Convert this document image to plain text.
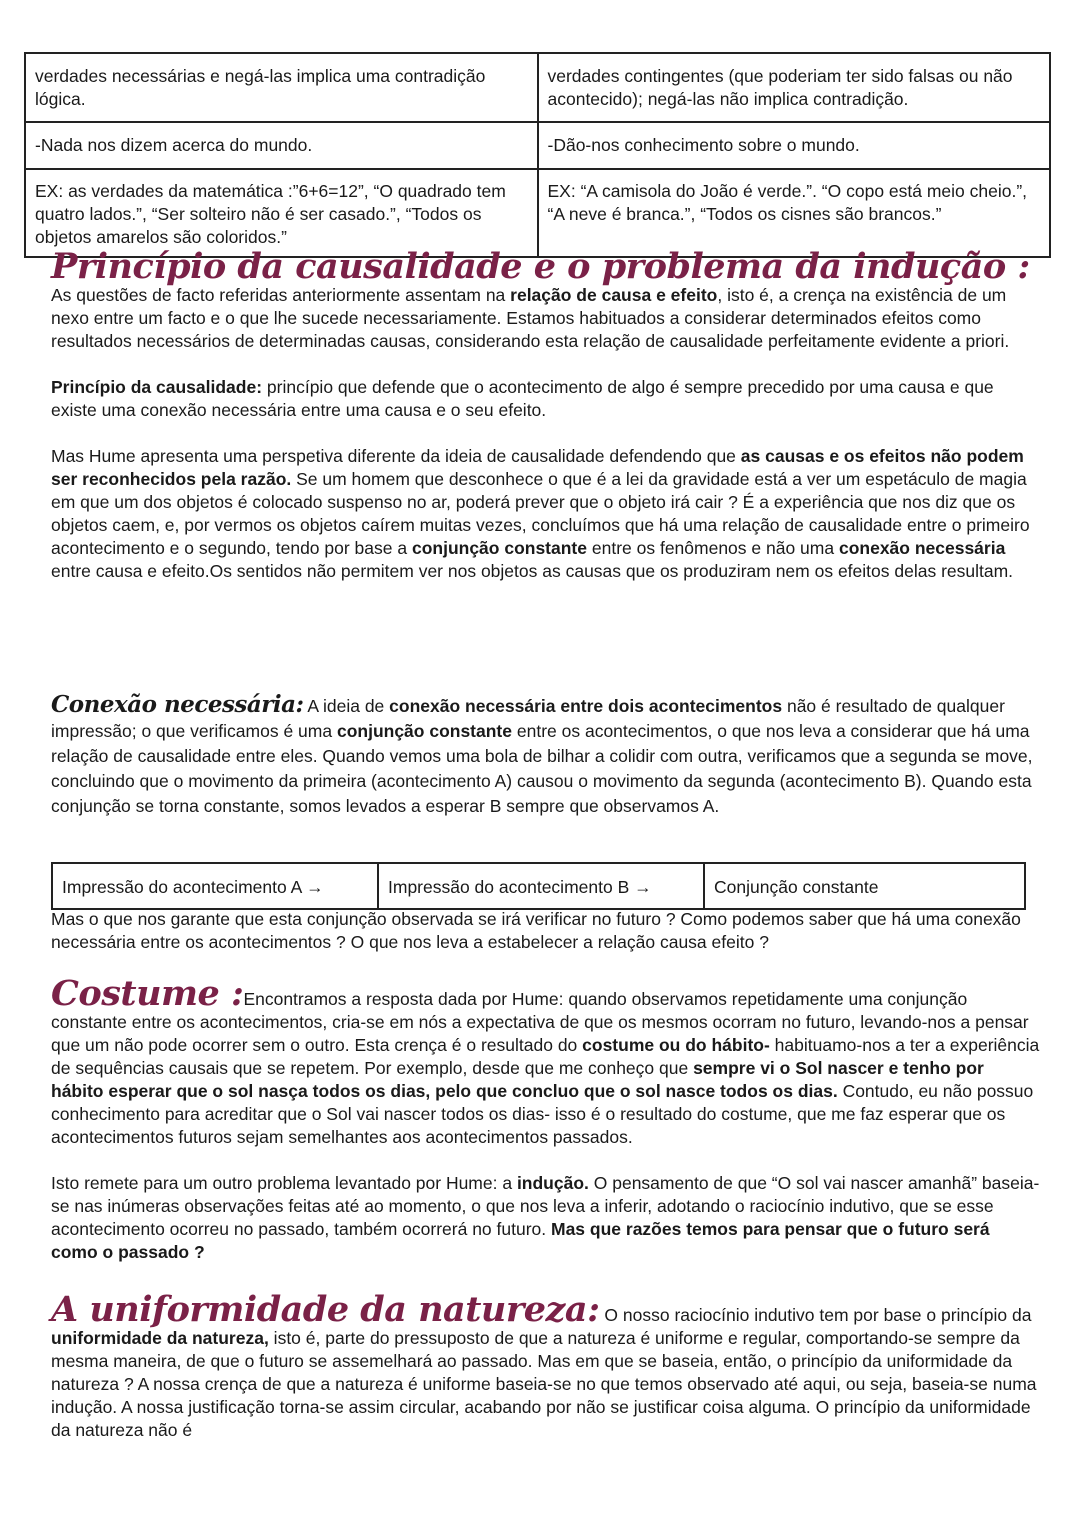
verdades necessárias e negá-las implica uma contradição lógica.	verdades contingentes (que poderiam ter sido falsas ou não acontecido); negá-las não implica contradição.
-Nada nos dizem acerca do mundo.	-Dão-nos conhecimento sobre o mundo.
EX: as verdades da matemática :”6+6=12”, “O quadrado tem quatro lados.”, “Ser solteiro não é ser casado.”, “Todos os objetos amarelos são coloridos.”	EX: “A camisola do João é verde.”. “O copo está meio cheio.”, “A neve é branca.”, “Todos os cisnes são brancos.”

Princípio da causalidade e o problema da indução : As questões de facto referidas anteriormente assentam na relação de causa e efeito, isto é, a crença na existência de um nexo entre um facto e o que lhe sucede necessariamente. Estamos habituados a considerar determinados efeitos como resultados necessários de determinadas causas, considerando esta relação de causalidade perfeitamente evidente a priori.

Princípio da causalidade: princípio que defende que o acontecimento de algo é sempre precedido por uma causa e que existe uma conexão necessária entre uma causa e o seu efeito.

Mas Hume apresenta uma perspetiva diferente da ideia de causalidade defendendo que as causas e os efeitos não podem ser reconhecidos pela razão. Se um homem que desconhece o que é a lei da gravidade está a ver um espetáculo de magia em que um dos objetos é colocado suspenso no ar, poderá prever que o objeto irá cair ? É a experiência que nos diz que os objetos caem, e, por vermos os objetos caírem muitas vezes, concluímos que há uma relação de causalidade entre o primeiro acontecimento e o segundo, tendo por base a conjunção constante entre os fenômenos e não uma conexão necessária entre causa e efeito.Os sentidos não permitem ver nos objetos as causas que os produziram nem os efeitos delas resultam.

Conexão necessária: A ideia de conexão necessária entre dois acontecimentos não é resultado de qualquer impressão; o que verificamos é uma conjunção constante entre os acontecimentos, o que nos leva a considerar que há uma relação de causalidade entre eles. Quando vemos uma bola de bilhar a colidir com outra, verificamos que a segunda se move, concluindo que o movimento da primeira (acontecimento A) causou o movimento da segunda (acontecimento B). Quando esta conjunção se torna constante, somos levados a esperar B sempre que observamos A.

Impressão do acontecimento A →	Impressão do acontecimento B →	Conjunção constante

Mas o que nos garante que esta conjunção observada se irá verificar no futuro ? Como podemos saber que há uma conexão necessária entre os acontecimentos ? O que nos leva a estabelecer a relação causa efeito ?

Costume :Encontramos a resposta dada por Hume: quando observamos repetidamente uma conjunção constante entre os acontecimentos, cria-se em nós a expectativa de que os mesmos ocorram no futuro, levando-nos a pensar que um não pode ocorrer sem o outro. Esta crença é o resultado do costume ou do hábito- habituamo-nos a ter a experiência de sequências causais que se repetem. Por exemplo, desde que me conheço que sempre vi o Sol nascer e tenho por hábito esperar que o sol nasça todos os dias, pelo que concluo que o sol nasce todos os dias. Contudo, eu não possuo conhecimento para acreditar que o Sol vai nascer todos os dias- isso é o resultado do costume, que me faz esperar que os acontecimentos futuros sejam semelhantes aos acontecimentos passados.

Isto remete para um outro problema levantado por Hume: a indução. O pensamento de que “O sol vai nascer amanhã” baseia-se nas inúmeras observações feitas até ao momento, o que nos leva a inferir, adotando o raciocínio indutivo, que se esse acontecimento ocorreu no passado, também ocorrerá no futuro. Mas que razões temos para pensar que o futuro será como o passado ?

A uniformidade da natureza: O nosso raciocínio indutivo tem por base o princípio da uniformidade da natureza, isto é, parte do pressuposto de que a natureza é uniforme e regular, comportando-se sempre da mesma maneira, de que o futuro se assemelhará ao passado. Mas em que se baseia, então, o princípio da uniformidade da natureza ? A nossa crença de que a natureza é uniforme baseia-se no que temos observado até aqui, ou seja, baseia-se numa indução. A nossa justificação torna-se assim circular, acabando por não se justificar coisa alguma. O princípio da uniformidade da natureza não é
